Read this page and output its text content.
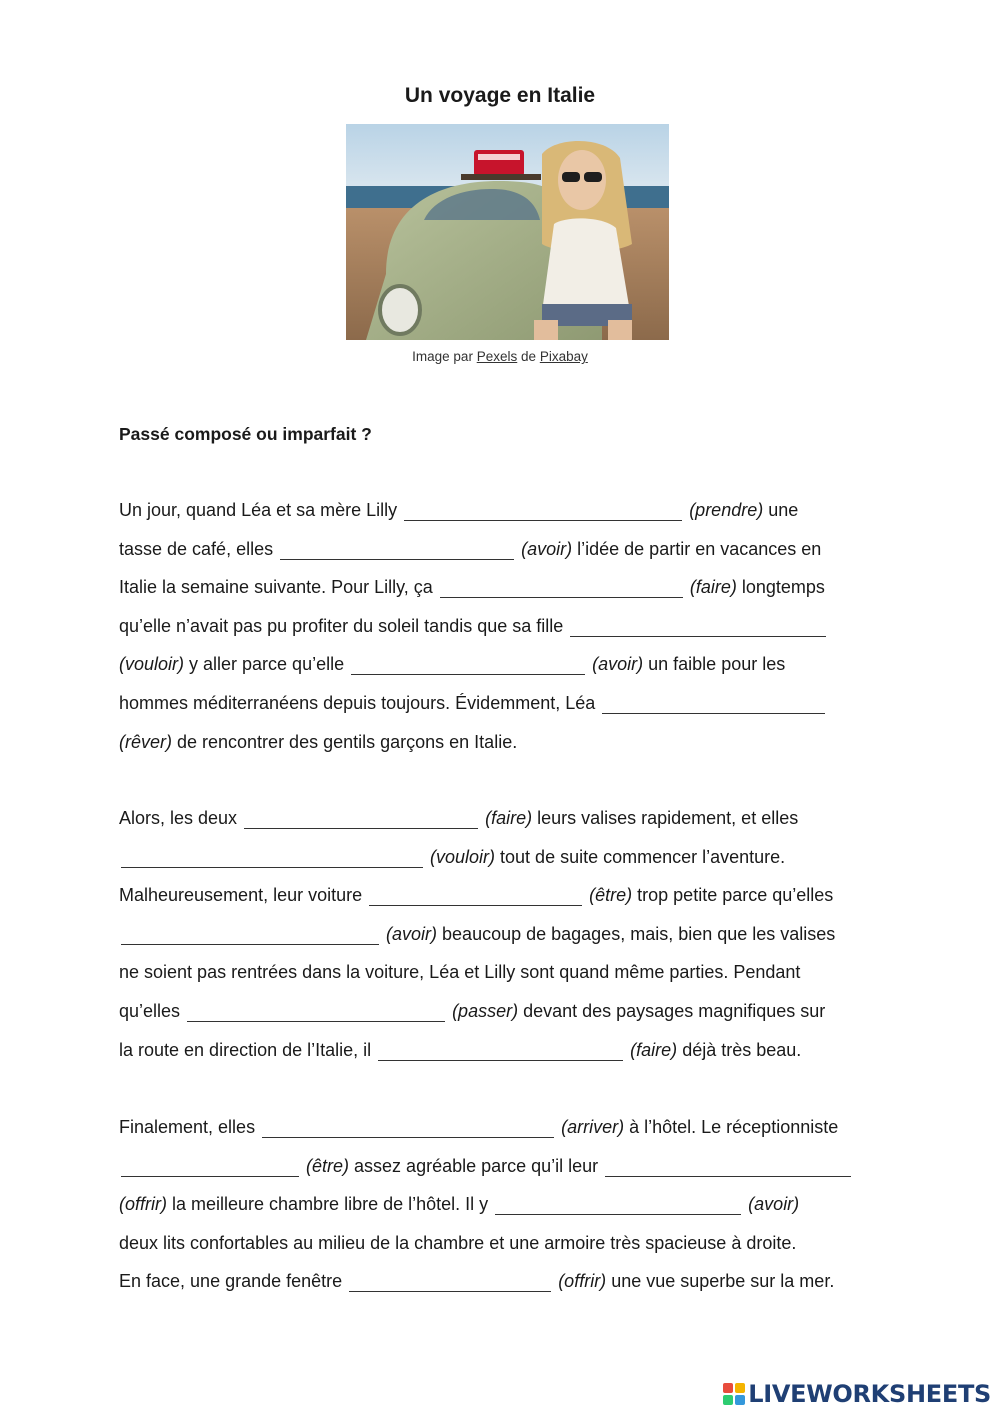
Un voyage en Italie
Image par Pexels de Pixabay
Passé composé ou imparfait ?
Un jour, quand Léa et sa mère Lilly	(prendre) une
tasse de café, elles	(avoir) l’idée de partir en vacances en
Italie la semaine suivante. Pour Lilly, ça	(faire) longtemps
qu’elle n’avait pas pu profiter du soleil tandis que sa fille
(vouloir) y aller parce qu’elle	(avoir) un faible pour les
hommes méditerranéens depuis toujours. Évidemment, Léa
(rêver) de rencontrer des gentils garçons en Italie.
Alors, les deux	(faire) leurs valises rapidement, et elles
(vouloir) tout de suite commencer l’aventure.
Malheureusement, leur voiture	(être) trop petite parce qu’elles
(avoir) beaucoup de bagages, mais, bien que les valises
ne soient pas rentrées dans la voiture, Léa et Lilly sont quand même parties. Pendant
qu’elles	(passer) devant des paysages magnifiques sur
la route en direction de l’Italie, il	(faire) déjà très beau.
Finalement, elles	(arriver) à l’hôtel. Le réceptionniste
(être) assez agréable parce qu’il leur
(offrir) la meilleure chambre libre de l’hôtel. Il y	(avoir)
deux lits confortables au milieu de la chambre et une armoire très spacieuse à droite.
En face, une grande fenêtre	(offrir) une vue superbe sur la mer.
LIVEWORKSHEETS
